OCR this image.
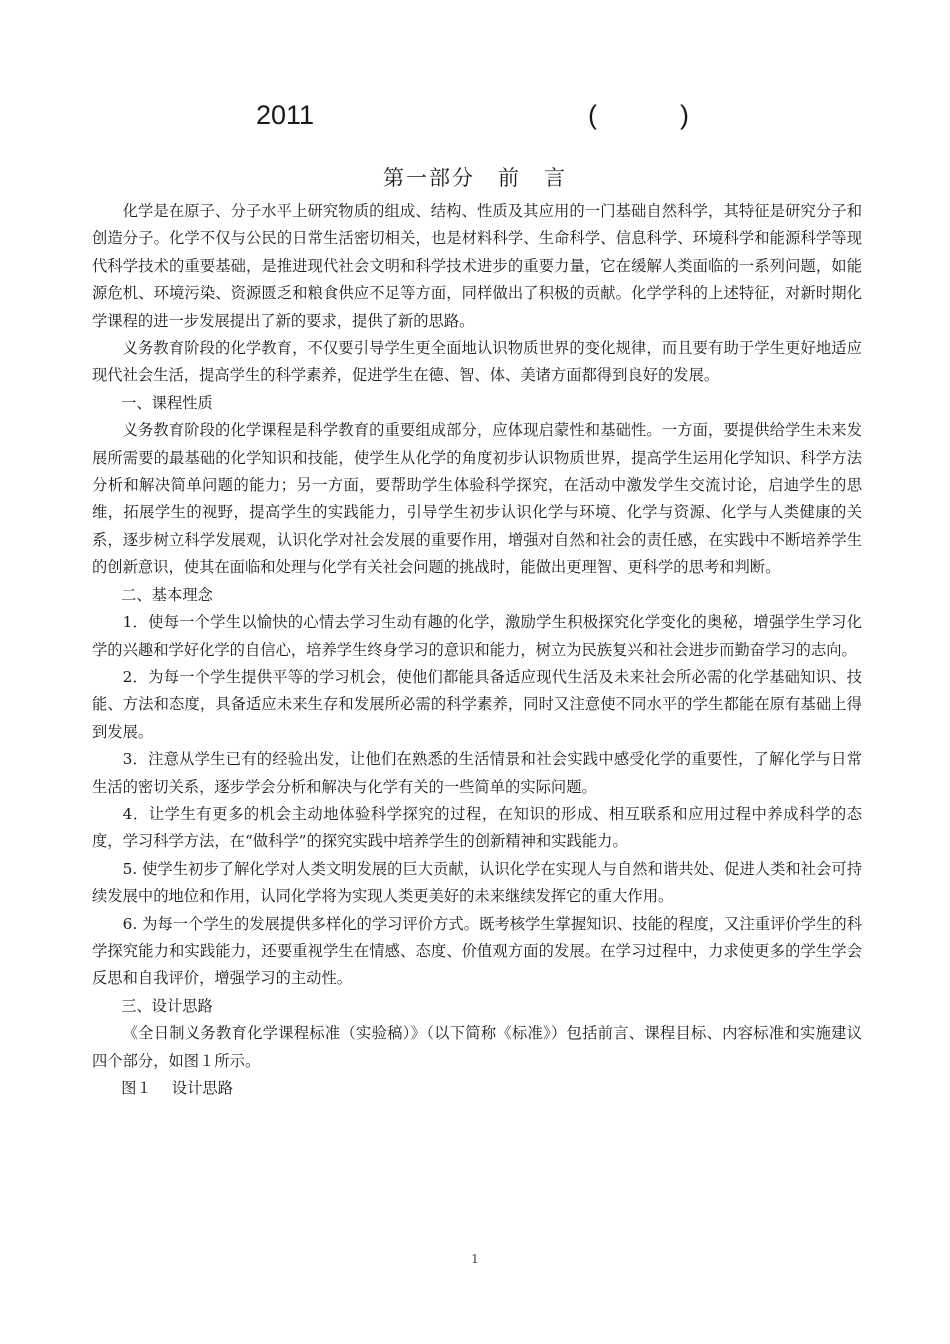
2011	(	)
第一部分　前　言

化学是在原子、分子水平上研究物质的组成、结构、性质及其应用的一门基础自然科学，其特征是研究分子和创造分子。化学不仅与公民的日常生活密切相关，也是材料科学、生命科学、信息科学、环境科学和能源科学等现代科学技术的重要基础，是推进现代社会文明和科学技术进步的重要力量，它在缓解人类面临的一系列问题，如能源危机、环境污染、资源匮乏和粮食供应不足等方面，同样做出了积极的贡献。化学学科的上述特征，对新时期化学课程的进一步发展提出了新的要求，提供了新的思路。

义务教育阶段的化学教育，不仅要引导学生更全面地认识物质世界的变化规律，而且要有助于学生更好地适应现代社会生活，提高学生的科学素养，促进学生在德、智、体、美诸方面都得到良好的发展。

一、课程性质

义务教育阶段的化学课程是科学教育的重要组成部分，应体现启蒙性和基础性。一方面，要提供给学生未来发展所需要的最基础的化学知识和技能，使学生从化学的角度初步认识物质世界，提高学生运用化学知识、科学方法分析和解决简单问题的能力；另一方面，要帮助学生体验科学探究，在活动中激发学生交流讨论，启迪学生的思维，拓展学生的视野，提高学生的实践能力，引导学生初步认识化学与环境、化学与资源、化学与人类健康的关系，逐步树立科学发展观，认识化学对社会发展的重要作用，增强对自然和社会的责任感，在实践中不断培养学生的创新意识，使其在面临和处理与化学有关社会问题的挑战时，能做出更理智、更科学的思考和判断。

二、基本理念

1．使每一个学生以愉快的心情去学习生动有趣的化学，激励学生积极探究化学变化的奥秘，增强学生学习化学的兴趣和学好化学的自信心，培养学生终身学习的意识和能力，树立为民族复兴和社会进步而勤奋学习的志向。

2．为每一个学生提供平等的学习机会，使他们都能具备适应现代生活及未来社会所必需的化学基础知识、技能、方法和态度，具备适应未来生存和发展所必需的科学素养，同时又注意使不同水平的学生都能在原有基础上得到发展。

3．注意从学生已有的经验出发，让他们在熟悉的生活情景和社会实践中感受化学的重要性，了解化学与日常生活的密切关系，逐步学会分析和解决与化学有关的一些简单的实际问题。

4．让学生有更多的机会主动地体验科学探究的过程，在知识的形成、相互联系和应用过程中养成科学的态度，学习科学方法，在“做科学”的探究实践中培养学生的创新精神和实践能力。

5. 使学生初步了解化学对人类文明发展的巨大贡献，认识化学在实现人与自然和谐共处、促进人类和社会可持续发展中的地位和作用，认同化学将为实现人类更美好的未来继续发挥它的重大作用。

6. 为每一个学生的发展提供多样化的学习评价方式。既考核学生掌握知识、技能的程度，又注重评价学生的科学探究能力和实践能力，还要重视学生在情感、态度、价值观方面的发展。在学习过程中，力求使更多的学生学会反思和自我评价，增强学习的主动性。

三、设计思路

《全日制义务教育化学课程标准（实验稿）》（以下简称《标准》）包括前言、课程目标、内容标准和实施建议四个部分，如图１所示。

图１　 设计思路
1
